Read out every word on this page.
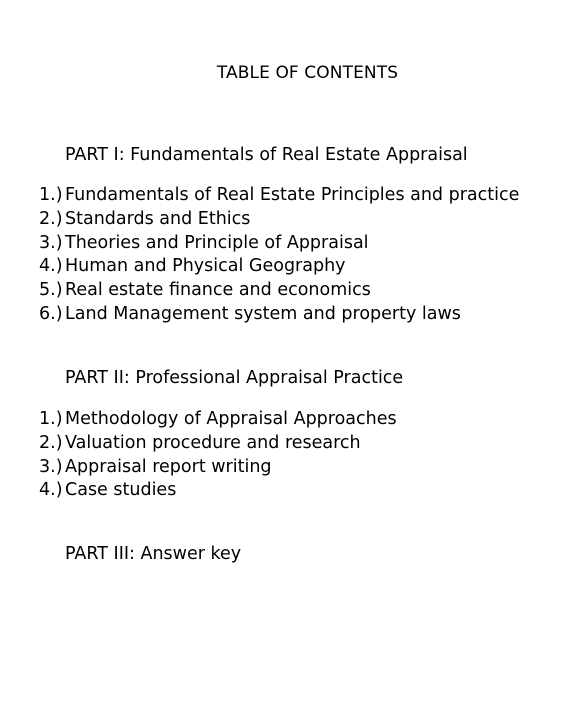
TABLE OF CONTENTS
PART I: Fundamentals of Real Estate Appraisal
1.) Fundamentals of Real Estate Principles and practice
2.) Standards and Ethics
3.) Theories and Principle of Appraisal
4.) Human and Physical Geography
5.) Real estate finance and economics
6.) Land Management system and property laws
PART II: Professional Appraisal Practice
1.) Methodology of Appraisal Approaches
2.) Valuation procedure and research
3.) Appraisal report writing
4.) Case studies
PART III: Answer key
